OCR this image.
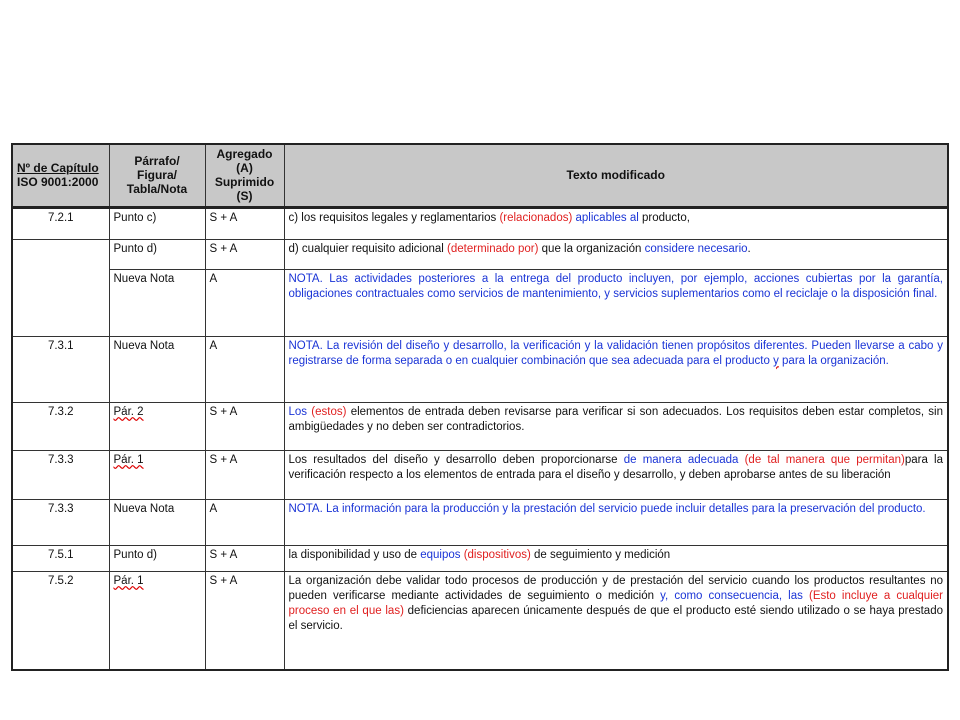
Nº de Capítulo
ISO 9001:2000	Párrafo/
Figura/
Tabla/Nota	Agregado
(A)
Suprimido
(S)	Texto modificado
7.2.1	Punto c)	S + A	c) los requisitos legales y reglamentarios (relacionados) aplicables al producto,
	Punto d)	S + A	d) cualquier requisito adicional (determinado por) que la organización considere necesario.
	Nueva Nota	A	NOTA. Las actividades posteriores a la entrega del producto incluyen, por ejemplo, acciones cubiertas por la garantía, obligaciones contractuales como servicios de mantenimiento, y servicios suplementarios como el reciclaje o la disposición final.
7.3.1	Nueva Nota	A	NOTA. La revisión del diseño y desarrollo, la verificación y la validación tienen propósitos diferentes. Pueden llevarse a cabo y registrarse de forma separada o en cualquier combinación que sea adecuada para el producto y para la organización.
7.3.2	Pár. 2	S + A	Los (estos) elementos de entrada deben revisarse para verificar si son adecuados. Los requisitos deben estar completos, sin ambigüedades y no deben ser contradictorios.
7.3.3	Pár. 1	S + A	Los resultados del diseño y desarrollo deben proporcionarse de manera adecuada (de tal manera que permitan)para la verificación respecto a los elementos de entrada para el diseño y desarrollo, y deben aprobarse antes de su liberación
7.3.3	Nueva Nota	A	NOTA. La información para la producción y la prestación del servicio puede incluir detalles para la preservación del producto.
7.5.1	Punto d)	S + A	la disponibilidad y uso de equipos (dispositivos) de seguimiento y medición
7.5.2	Pár. 1	S + A	La organización debe validar todo procesos de producción y de prestación del servicio cuando los productos resultantes no pueden verificarse mediante actividades de seguimiento o medición y, como consecuencia, las (Esto incluye a cualquier proceso en el que las) deficiencias aparecen únicamente después de que el producto esté siendo utilizado o se haya prestado el servicio.
